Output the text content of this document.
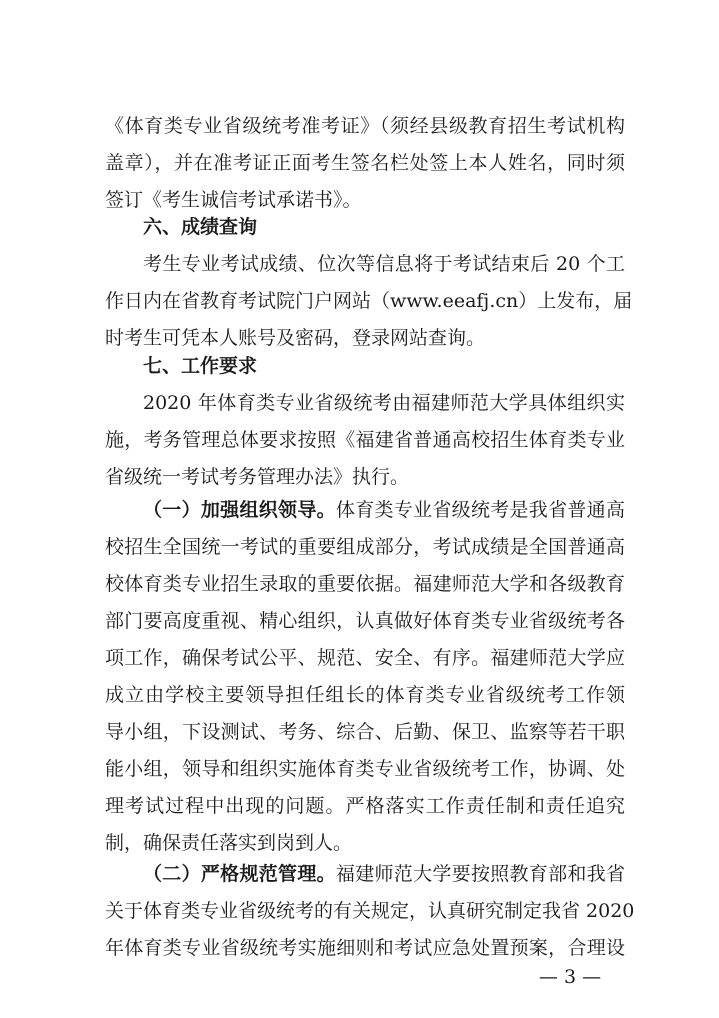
《体育类专业省级统考准考证》（须经县级教育招生考试机构
盖章），并在准考证正面考生签名栏处签上本人姓名，同时须
签订《考生诚信考试承诺书》。
六、成绩查询
考生专业考试成绩、位次等信息将于考试结束后 20 个工
作日内在省教育考试院门户网站（www.eeafj.cn）上发布，届
时考生可凭本人账号及密码，登录网站查询。
七、工作要求
2020 年体育类专业省级统考由福建师范大学具体组织实
施，考务管理总体要求按照《福建省普通高校招生体育类专业
省级统一考试考务管理办法》执行。
（一）加强组织领导。体育类专业省级统考是我省普通高
校招生全国统一考试的重要组成部分，考试成绩是全国普通高
校体育类专业招生录取的重要依据。福建师范大学和各级教育
部门要高度重视、精心组织，认真做好体育类专业省级统考各
项工作，确保考试公平、规范、安全、有序。福建师范大学应
成立由学校主要领导担任组长的体育类专业省级统考工作领
导小组，下设测试、考务、综合、后勤、保卫、监察等若干职
能小组，领导和组织实施体育类专业省级统考工作，协调、处
理考试过程中出现的问题。严格落实工作责任制和责任追究
制，确保责任落实到岗到人。
（二）严格规范管理。福建师范大学要按照教育部和我省
关于体育类专业省级统考的有关规定，认真研究制定我省 2020
年体育类专业省级统考实施细则和考试应急处置预案，合理设
— 3 —
